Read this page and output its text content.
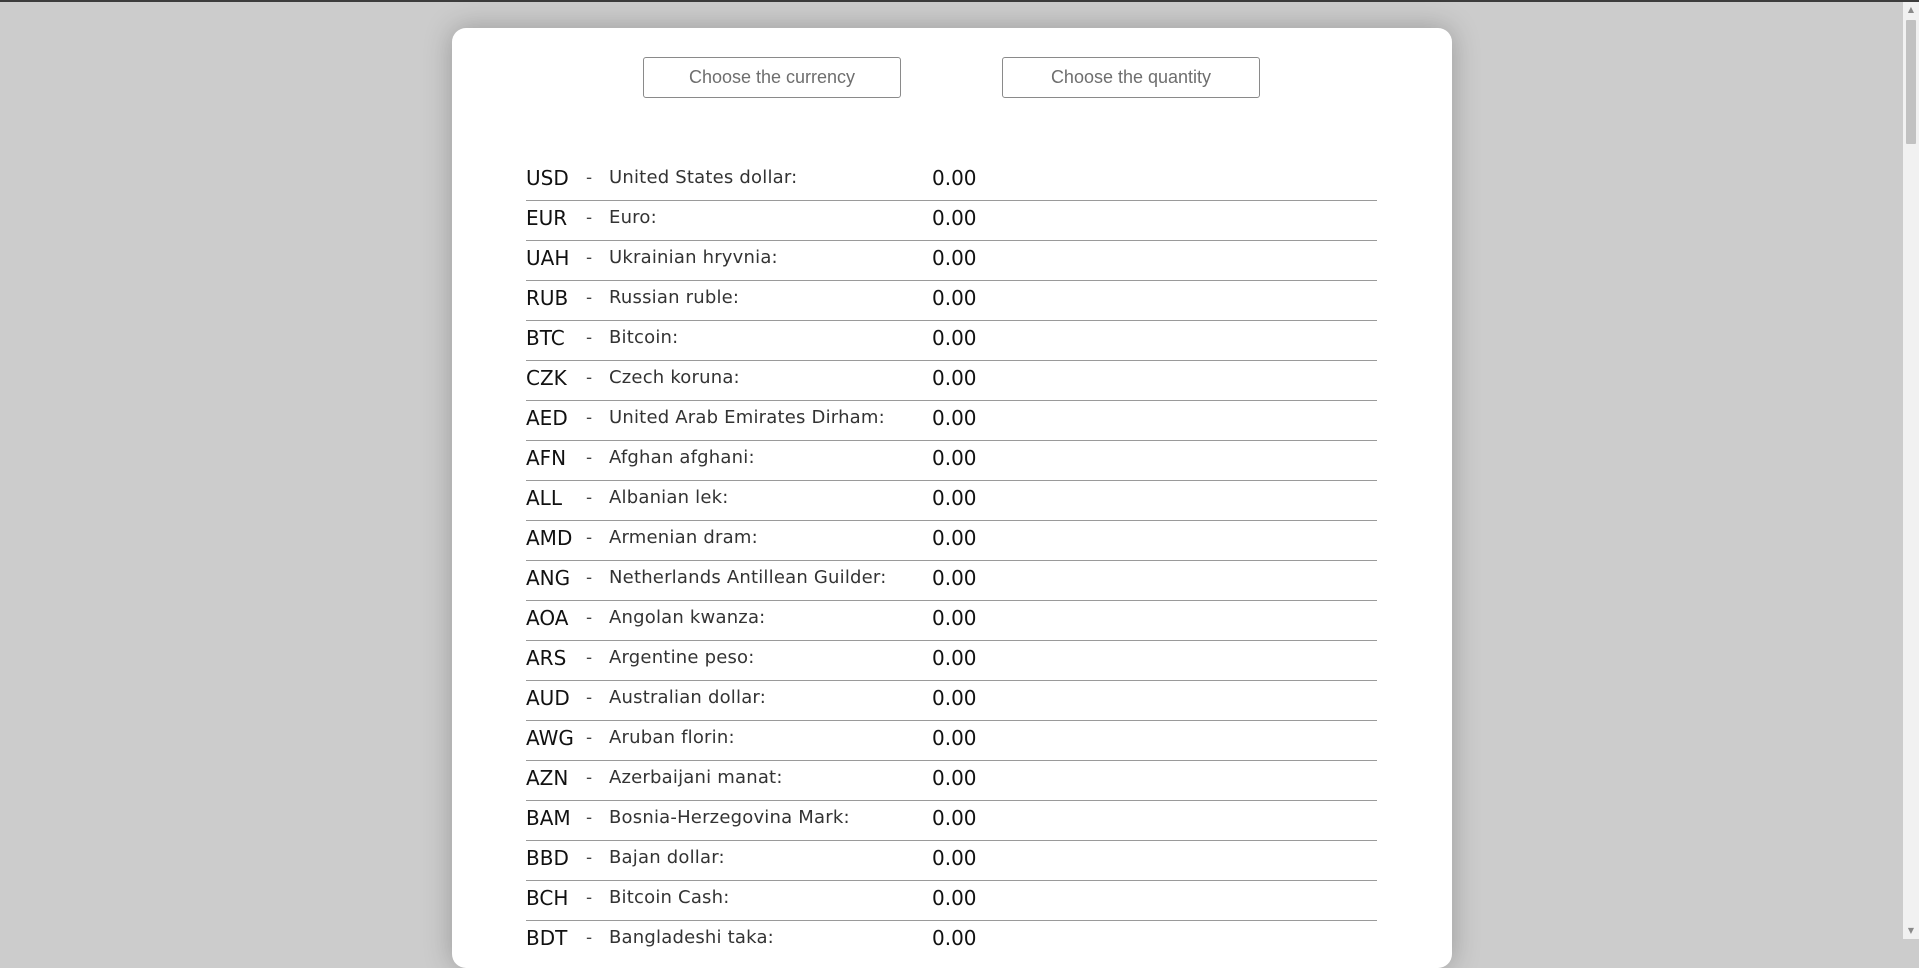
Choose the currency	Choose the quantity
USD - United States dollar:	0.00
EUR - Euro:	0.00
UAH - Ukrainian hryvnia:	0.00
RUB - Russian ruble:	0.00
BTC - Bitcoin:	0.00
CZK - Czech koruna:	0.00
AED - United Arab Emirates Dirham: 0.00
AFN - Afghan afghani:	0.00
ALL - Albanian lek:	0.00
AMD - Armenian dram:	0.00
ANG - Netherlands Antillean Guilder: 0.00
AOA - Angolan kwanza:	0.00
ARS - Argentine peso:	0.00
AUD - Australian dollar:	0.00
AWG - Aruban florin:	0.00
AZN - Azerbaijani manat:	0.00
BAM - Bosnia-Herzegovina Mark:	0.00
BBD - Bajan dollar:	0.00
BCH - Bitcoin Cash:	0.00
BDT - Bangladeshi taka:	0.00
▲
▼
